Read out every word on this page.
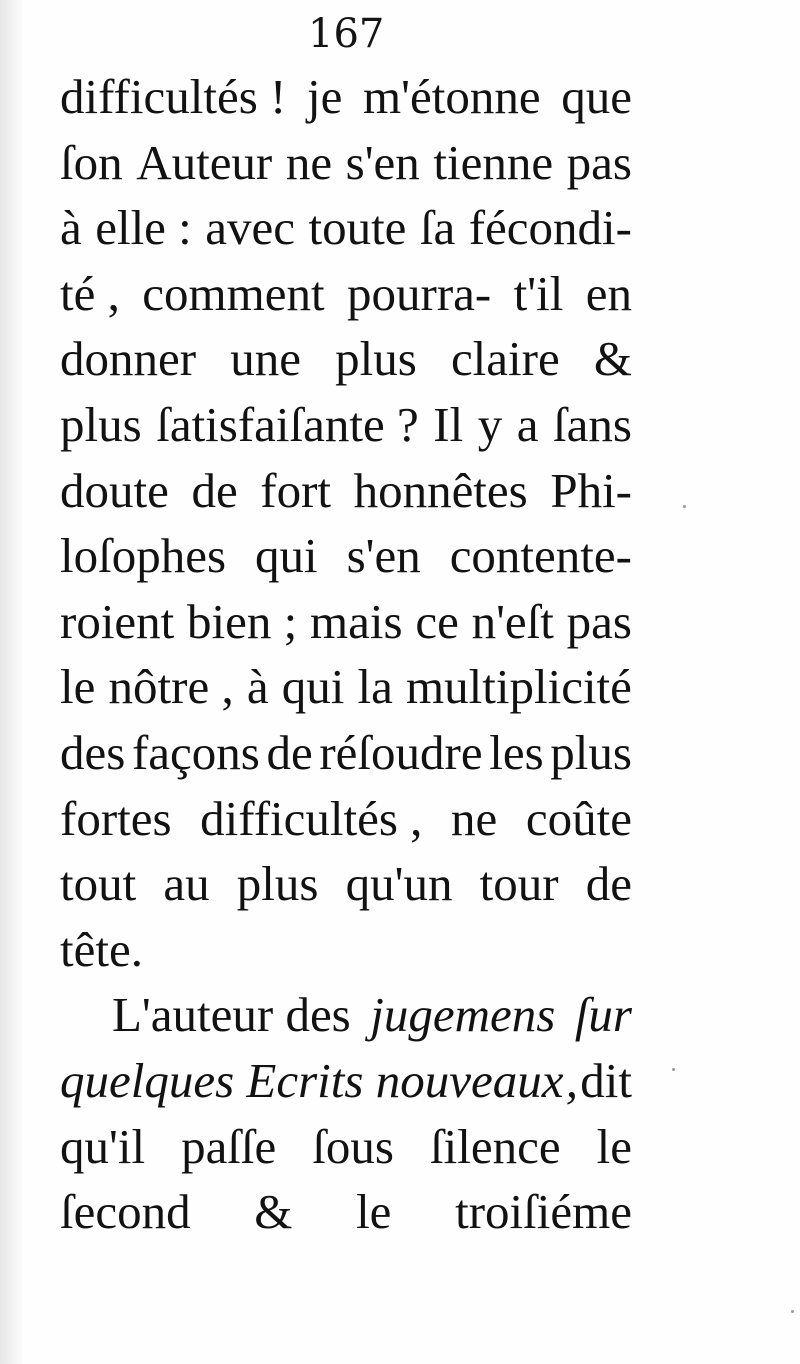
167
difficultés ! je m'étonne que
ſon Auteur ne s'en tienne pas
à elle : avec toute ſa fécondi-
té , comment pourra- t'il en
donner une plus claire &
plus ſatisfaiſante ? Il y a ſans
doute de fort honnêtes Phi-
loſophes qui s'en contente-
roient bien ; mais ce n'eſt pas
le nôtre , à qui la multiplicité
des façons de réſoudre les plus
fortes difficultés , ne coûte
tout au plus qu'un tour de
tête.
L'auteur des jugemens ſur
quelques Ecrits nouveaux , dit
qu'il paſſe ſous ſilence le
ſecond & le troiſiéme
